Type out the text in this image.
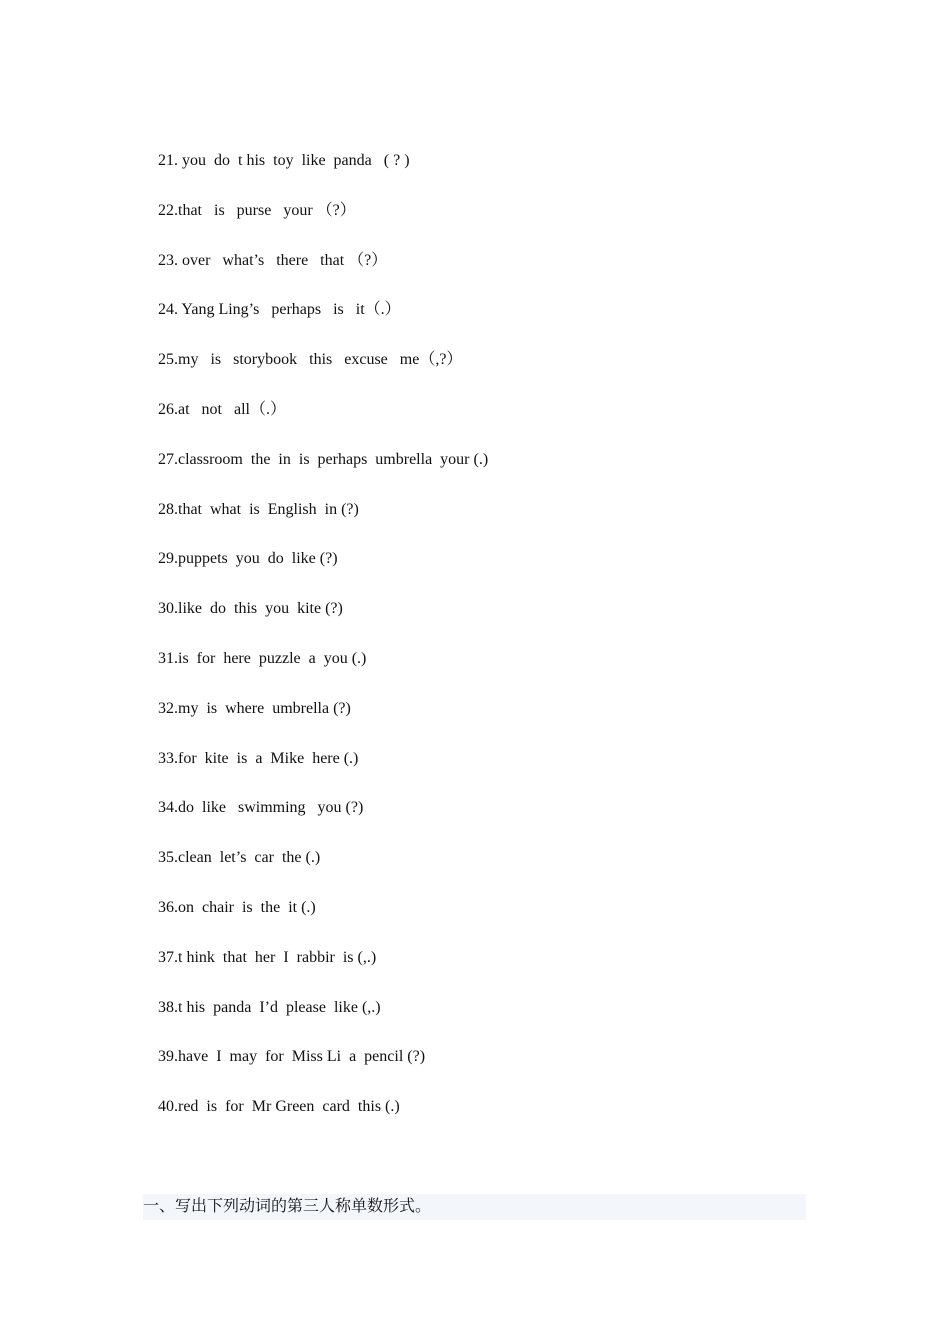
21. you  do  t his  toy  like  panda   ( ? )
22.that   is   purse   your （?）
23. over   what’s   there   that （?）
24. Yang Ling’s   perhaps   is   it（.）
25.my   is   storybook   this   excuse   me（,?）
26.at   not   all（.）
27.classroom  the  in  is  perhaps  umbrella  your (.)
28.that  what  is  English  in (?)
29.puppets  you  do  like (?)
30.like  do  this  you  kite (?)
31.is  for  here  puzzle  a  you (.)
32.my  is  where  umbrella (?)
33.for  kite  is  a  Mike  here (.)
34.do  like   swimming   you (?)
35.clean  let’s  car  the (.)
36.on  chair  is  the  it (.)
37.t hink  that  her  I  rabbir  is (,.)
38.t his  panda  I’d  please  like (,.)
39.have  I  may  for  Miss Li  a  pencil (?)
40.red  is  for  Mr Green  card  this (.)
一、写出下列动词的第三人称单数形式。
